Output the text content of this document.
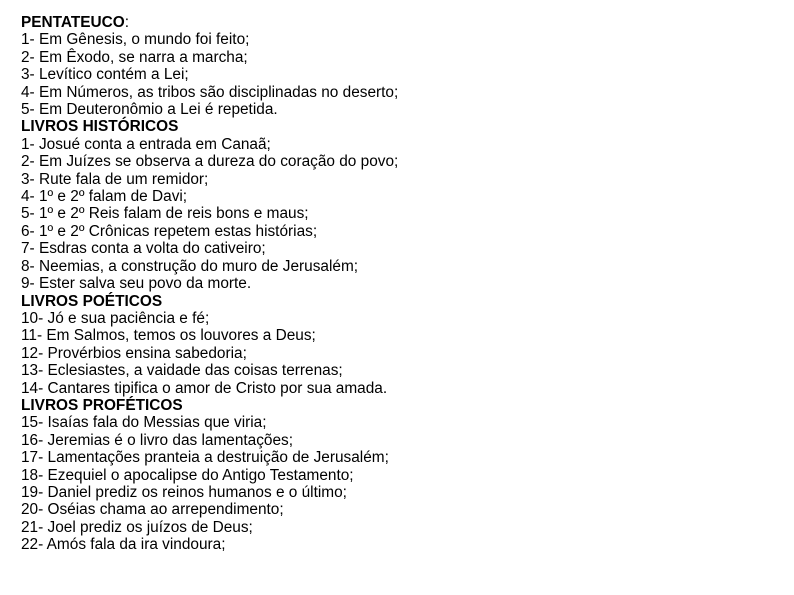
PENTATEUCO:
1- Em Gênesis, o mundo foi feito;
2- Em Êxodo, se narra a marcha;
3- Levítico contém a Lei;
4- Em Números, as tribos são disciplinadas no deserto;
5- Em Deuteronômio a Lei é repetida.
LIVROS HISTÓRICOS
1- Josué conta a entrada em Canaã;
2- Em Juízes se observa a dureza do coração do povo;
3- Rute fala de um remidor;
4- 1º e 2º falam de Davi;
5- 1º e 2º Reis falam de reis bons e maus;
6- 1º e 2º Crônicas repetem estas histórias;
7- Esdras conta a volta do cativeiro;
8- Neemias, a construção do muro de Jerusalém;
9- Ester salva seu povo da morte.
LIVROS POÉTICOS
10- Jó e sua paciência e fé;
11- Em Salmos, temos os louvores a Deus;
12- Provérbios ensina sabedoria;
13- Eclesiastes, a vaidade das coisas terrenas;
14- Cantares tipifica o amor de Cristo por sua amada.
LIVROS PROFÉTICOS
15- Isaías fala do Messias que viria;
16- Jeremias é o livro das lamentações;
17- Lamentações pranteia a destruição de Jerusalém;
18- Ezequiel o apocalipse do Antigo Testamento;
19- Daniel prediz os reinos humanos e o último;
20- Oséias chama ao arrependimento;
21- Joel prediz os juízos de Deus;
22- Amós fala da ira vindoura;
